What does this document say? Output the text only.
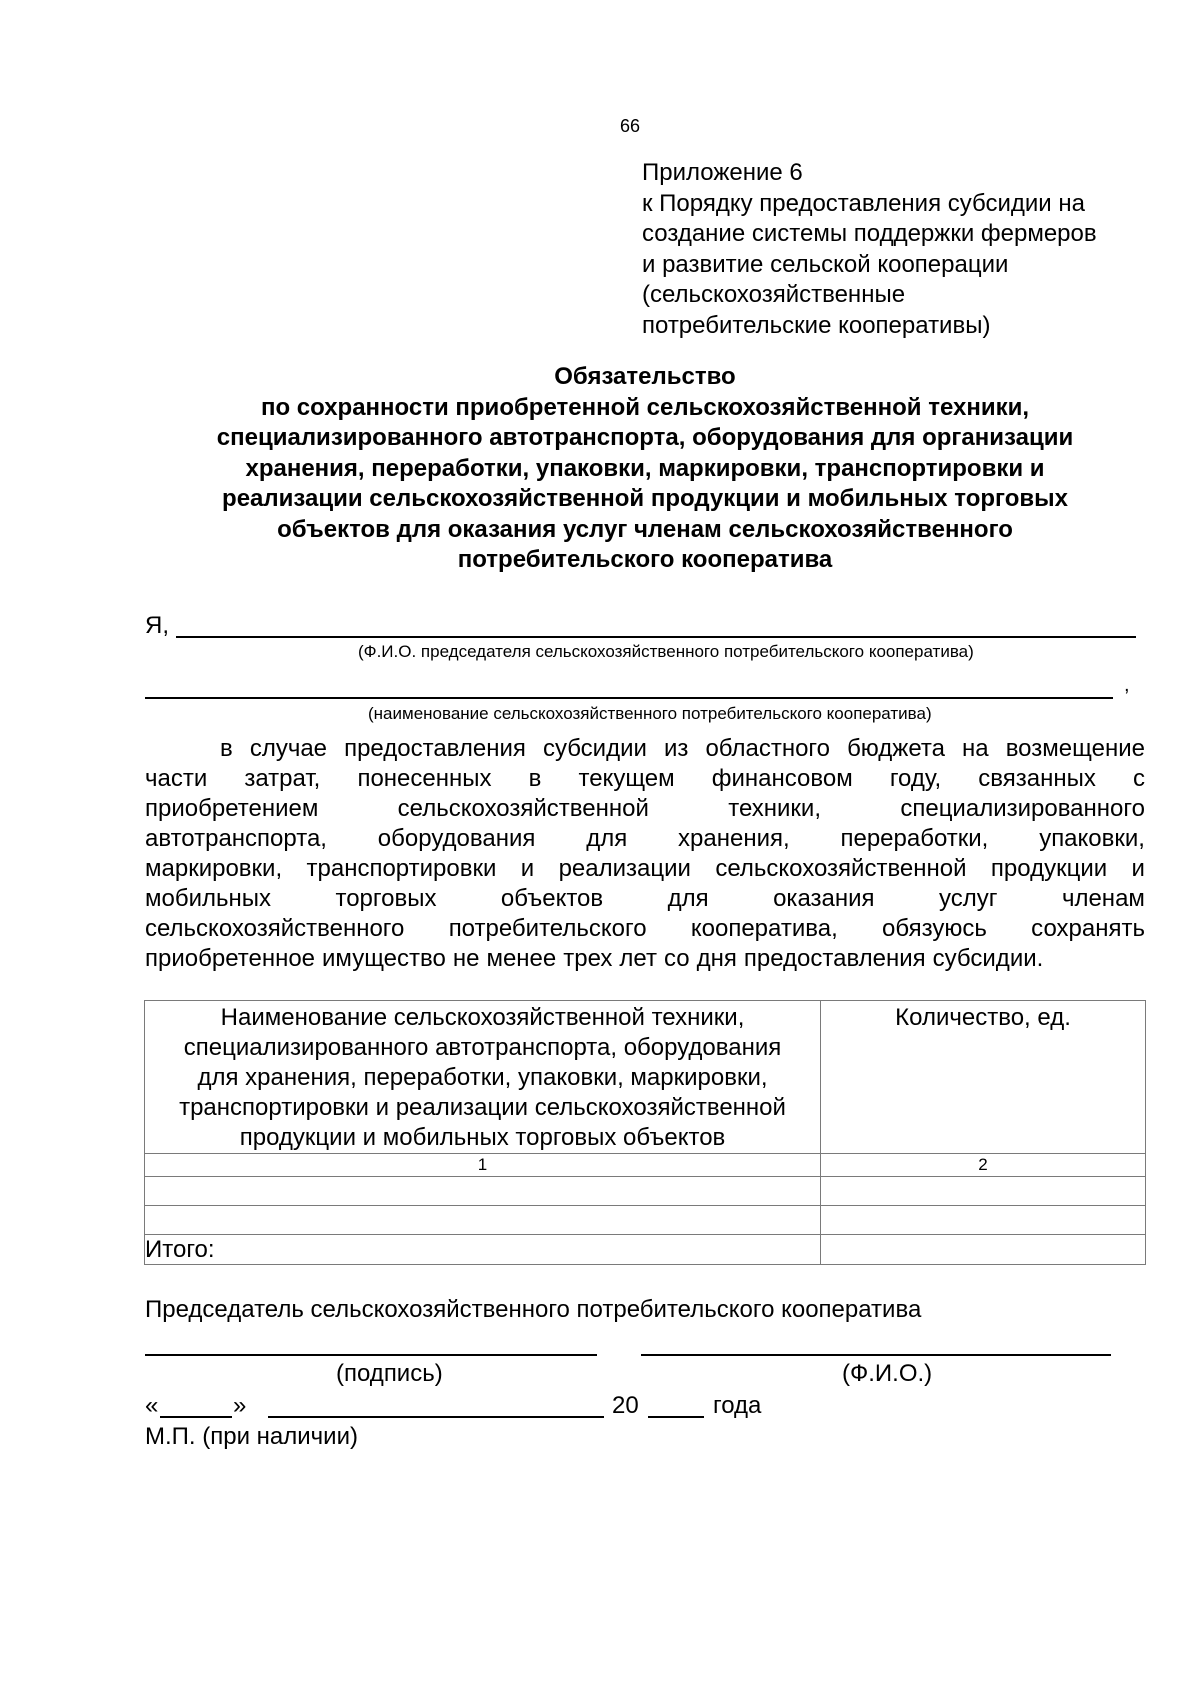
66
Приложение 6
к Порядку предоставления субсидии на
создание системы поддержки фермеров
и развитие сельской кооперации
(сельскохозяйственные
потребительские кооперативы)
Обязательство
по сохранности приобретенной сельскохозяйственной техники,
специализированного автотранспорта, оборудования для организации
хранения, переработки, упаковки, маркировки, транспортировки и
реализации сельскохозяйственной продукции и мобильных торговых
объектов для оказания услуг членам сельскохозяйственного
потребительского кооператива
Я,
(Ф.И.О. председателя сельскохозяйственного потребительского кооператива)
,
(наименование сельскохозяйственного потребительского кооператива)
в случае предоставления субсидии из областного бюджета на возмещение
части затрат, понесенных в текущем финансовом году, связанных с
приобретением	сельскохозяйственной	техники,	специализированного
автотранспорта, оборудования для хранения, переработки, упаковки,
маркировки, транспортировки и реализации сельскохозяйственной продукции и
мобильных	торговых	объектов	для	оказания	услуг	членам
сельскохозяйственного потребительского кооператива, обязуюсь сохранять
приобретенное имущество не менее трех лет со дня предоставления субсидии.
Наименование сельскохозяйственной техники,
специализированного автотранспорта, оборудования
для хранения, переработки, упаковки, маркировки,
транспортировки и реализации сельскохозяйственной
продукции и мобильных торговых объектов	Количество, ед.

1	2

Итого:	
Председатель сельскохозяйственного потребительского кооператива
(подпись)	(Ф.И.О.)
«	»	20	года
М.П. (при наличии)
